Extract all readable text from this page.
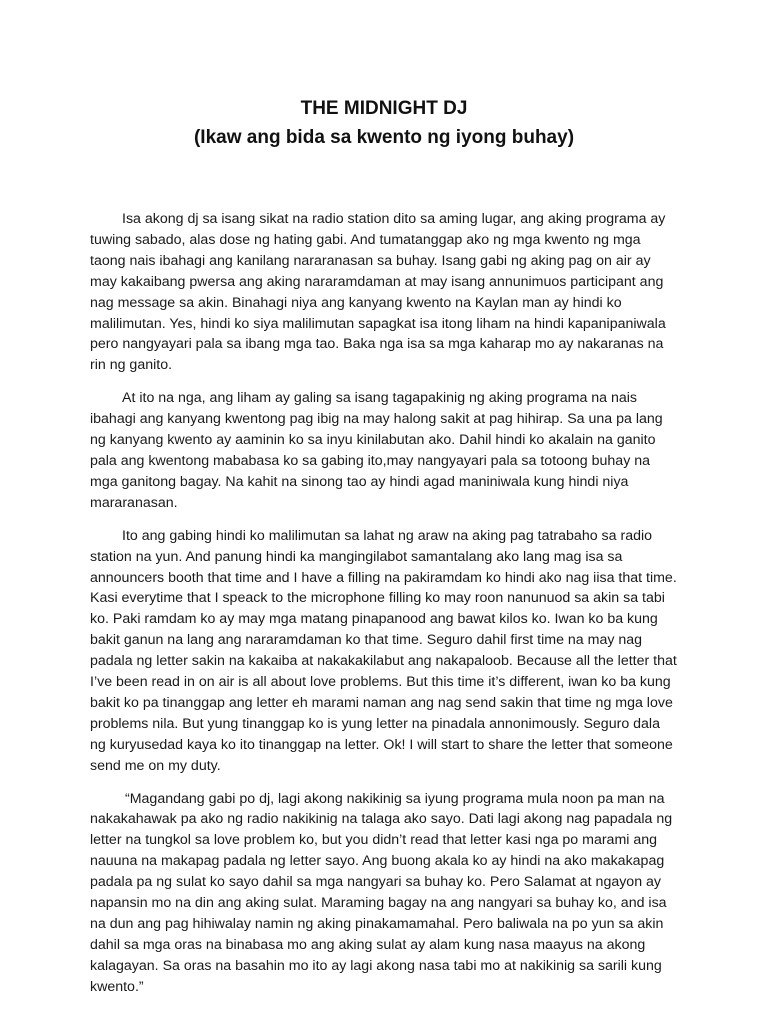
THE MIDNIGHT DJ
(Ikaw ang bida sa kwento ng iyong buhay)

Isa akong dj sa isang sikat na radio station dito sa aming lugar, ang aking programa ay tuwing sabado, alas dose ng hating gabi. And tumatanggap ako ng mga kwento ng mga taong nais ibahagi ang kanilang nararanasan sa buhay. Isang gabi ng aking pag on air ay may kakaibang pwersa ang aking nararamdaman at may isang annunimuos participant ang nag message sa akin. Binahagi niya ang kanyang kwento na Kaylan man ay hindi ko malilimutan. Yes, hindi ko siya malilimutan sapagkat isa itong liham na hindi kapanipaniwala pero nangyayari pala sa ibang mga tao. Baka nga isa sa mga kaharap mo ay nakaranas na rin ng ganito.

At ito na nga, ang liham ay galing sa isang tagapakinig ng aking programa na nais ibahagi ang kanyang kwentong pag ibig na may halong sakit at pag hihirap. Sa una pa lang ng kanyang kwento ay aaminin ko sa inyu kinilabutan ako. Dahil hindi ko akalain na ganito pala ang kwentong mababasa ko sa gabing ito,may nangyayari pala sa totoong buhay na mga ganitong bagay. Na kahit na sinong tao ay hindi agad maniniwala kung hindi niya mararanasan.

Ito ang gabing hindi ko malilimutan sa lahat ng araw na aking pag tatrabaho sa radio station na yun. And panung hindi ka mangingilabot samantalang ako lang mag isa sa announcers booth that time and I have a filling na pakiramdam ko hindi ako nag iisa that time. Kasi everytime that I speack to the microphone filling ko may roon nanunuod sa akin sa tabi ko. Paki ramdam ko ay may mga matang pinapanood ang bawat kilos ko. Iwan ko ba kung bakit ganun na lang ang nararamdaman ko that time. Seguro dahil first time na may nag padala ng letter sakin na kakaiba at nakakakilabut ang nakapaloob. Because all the letter that I’ve been read in on air is all about love problems. But this time it’s different, iwan ko ba kung bakit ko pa tinanggap ang letter eh marami naman ang nag send sakin that time ng mga love problems nila. But yung tinanggap ko is yung letter na pinadala annonimously. Seguro dala ng kuryusedad kaya ko ito tinanggap na letter. Ok! I will start to share the letter that someone send me on my duty.

“Magandang gabi po dj, lagi akong nakikinig sa iyung programa mula noon pa man na nakakahawak pa ako ng radio nakikinig na talaga ako sayo. Dati lagi akong nag papadala ng letter na tungkol sa love problem ko, but you didn’t read that letter kasi nga po marami ang nauuna na makapag padala ng letter sayo. Ang buong akala ko ay hindi na ako makakapag padala pa ng sulat ko sayo dahil sa mga nangyari sa buhay ko. Pero Salamat at ngayon ay napansin mo na din ang aking sulat. Maraming bagay na ang nangyari sa buhay ko, and isa na dun ang pag hihiwalay namin ng aking pinakamamahal. Pero baliwala na po yun sa akin dahil sa mga oras na binabasa mo ang aking sulat ay alam kung nasa maayus na akong kalagayan. Sa oras na basahin mo ito ay lagi akong nasa tabi mo at nakikinig sa sarili kung kwento.”
